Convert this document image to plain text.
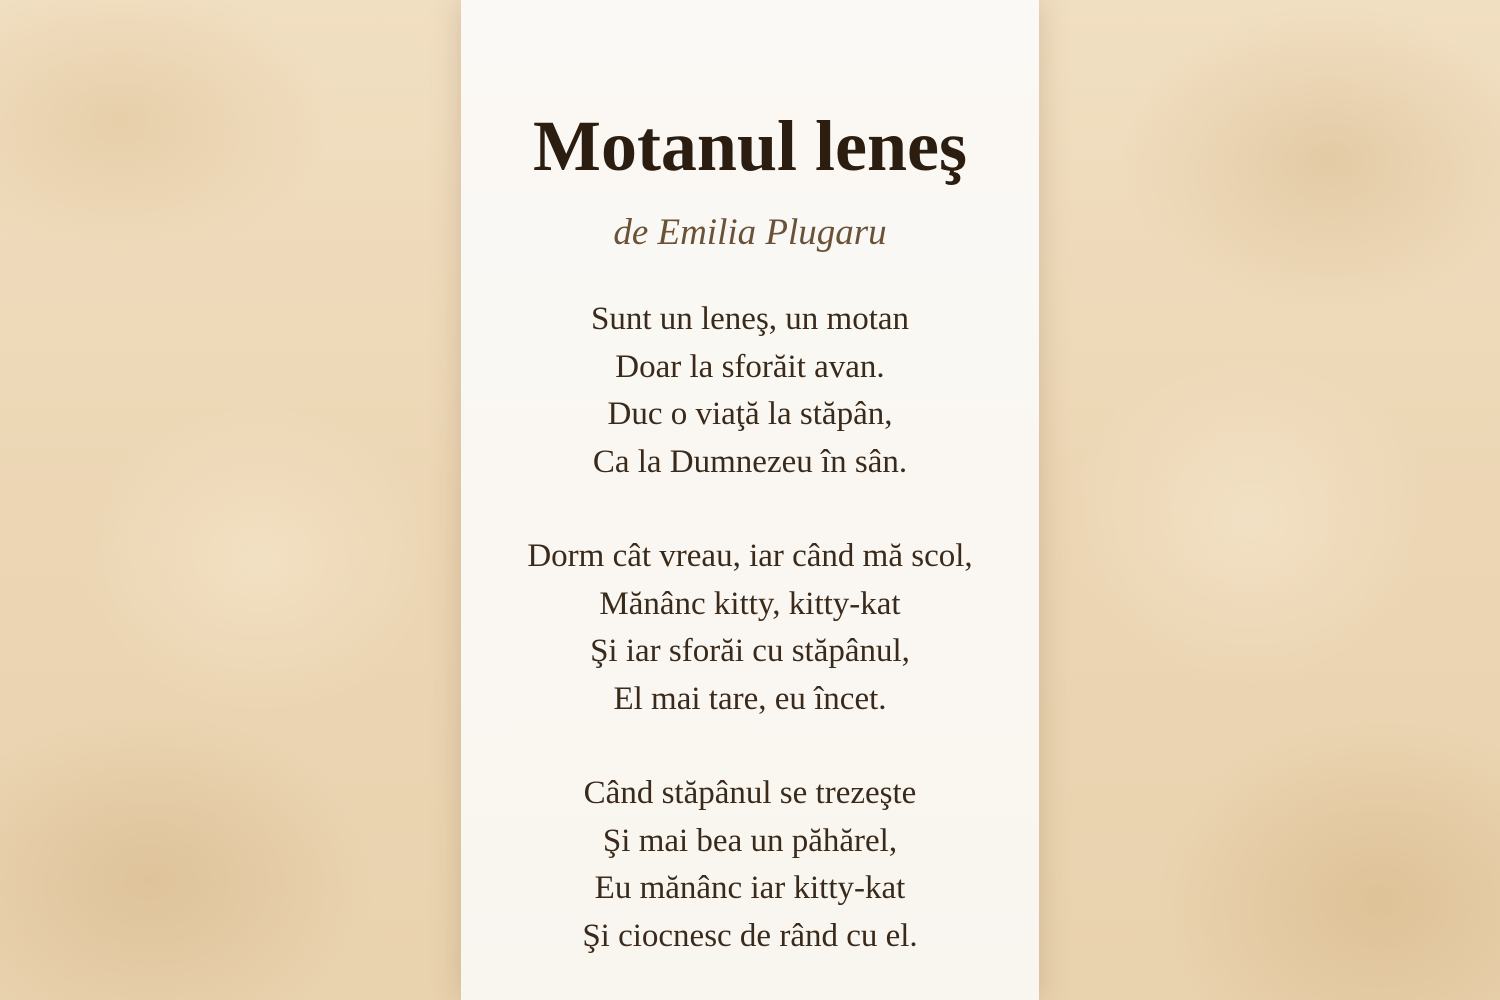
Motanul leneş
de Emilia Plugaru
Sunt un leneş, un motan
Doar la sforăit avan.
Duc o viaţă la stăpân,
Ca la Dumnezeu în sân.
Dorm cât vreau, iar când mă scol,
Mănânc kitty, kitty-kat
Şi iar sforăi cu stăpânul,
El mai tare, eu încet.
Când stăpânul se trezeşte
Şi mai bea un păhărel,
Eu mănânc iar kitty-kat
Şi ciocnesc de rând cu el.
